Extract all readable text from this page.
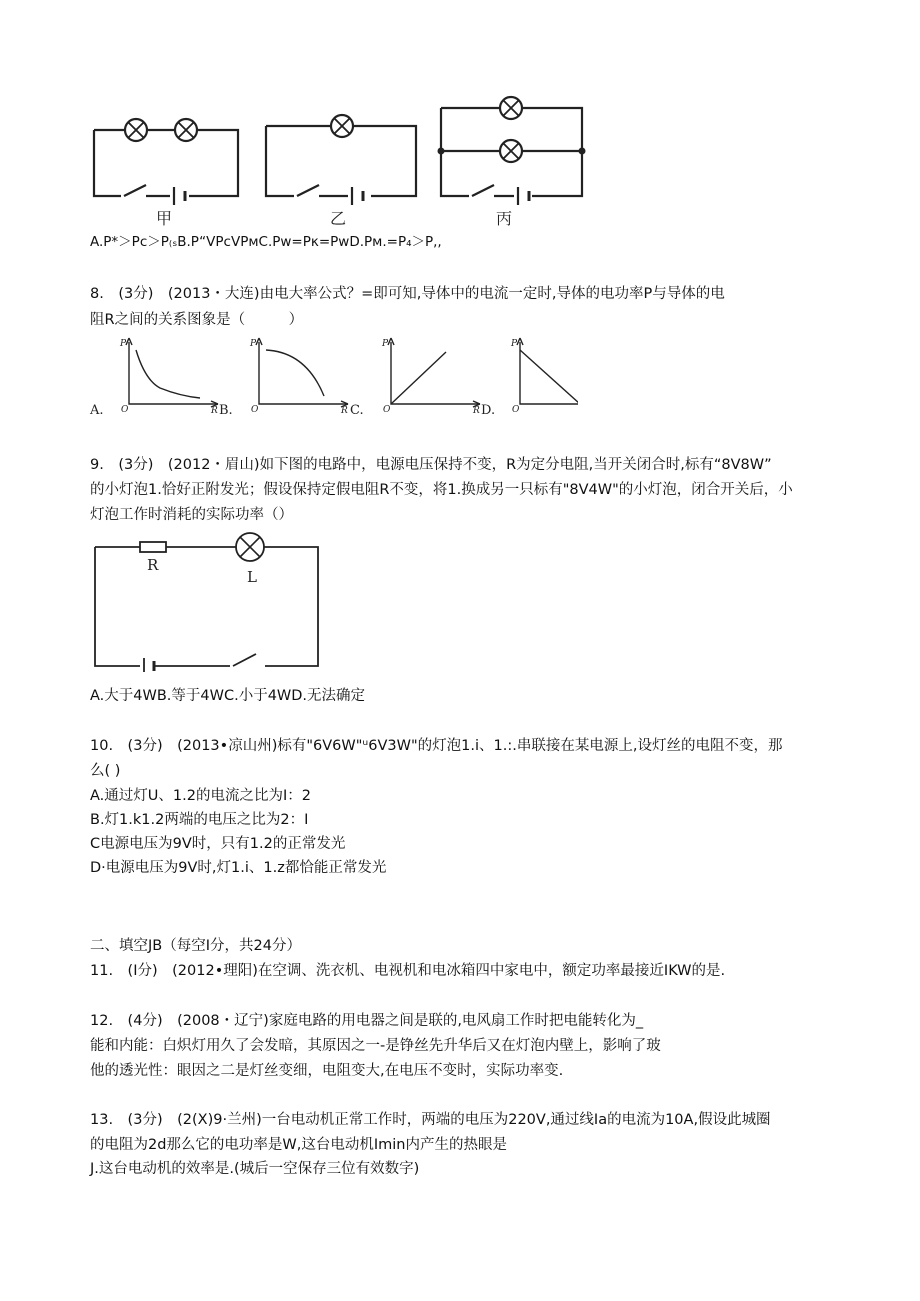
甲	乙	丙
A.P*＞Pc＞P₍ₛB.P“VPcVPмC.Pw=Pκ=PwD.Pм.=P₄＞P,,
8.　(3分)　(2013・大连)由电大率公式？=即可知,导体中的电流一定时,导体的电功率P与导体的电
阻R之间的关系图象是（　　　）
P
O	R
P
O	R
P
O	R
P
O
A.	B.	C.	D.
9.　(3分)　(2012・眉山)如下图的电路中，电源电压保持不变，R为定分电阻,当开关闭合时,标有“8V8W”
的小灯泡1.恰好正附发光；假设保持定假电阻R不变，将1.换成另一只标有"8V4W"的小灯泡，闭合开关后，小
灯泡工作时消耗的实际功率（）
R
L
A.大于4WB.等于4WC.小于4WD.无法确定
10.　(3分)　(2013•凉山州)标有"6V6W"ᵘ6V3W"的灯泡1.i、1.:.串联接在某电源上,设灯丝的电阻不变，那
么( )
A.通过灯U、1.2的电流之比为I：2
B.灯1.k1.2两端的电压之比为2：I
C电源电压为9V时，只有1.2的正常发光
D·电源电压为9V时,灯1.i、1.z都恰能正常发光
二、填空JB（每空I分，共24分）
11.　(I分)　(2012•理阳)在空调、洗衣机、电视机和电冰箱四中家电中，额定功率最接近IKW的是.
12.　(4分)　(2008・辽宁)家庭电路的用电器之间是联的,电风扇工作时把电能转化为_
能和内能：白炽灯用久了会发暗，其原因之一-是铮丝先升华后又在灯泡内壁上，影响了玻
他的透光性：眼因之二是灯丝变细，电阻变大,在电压不变时，实际功率变.
13.　(3分)　(2(X)9·兰州)一台电动机正常工作时，两端的电压为220V,通过线Ia的电流为10A,假设此城圈
的电阻为2d那么它的电功率是W,这台电动机Imin内产生的热眼是
J.这台电动机的效率是.(城后一空保存三位有效数字)
